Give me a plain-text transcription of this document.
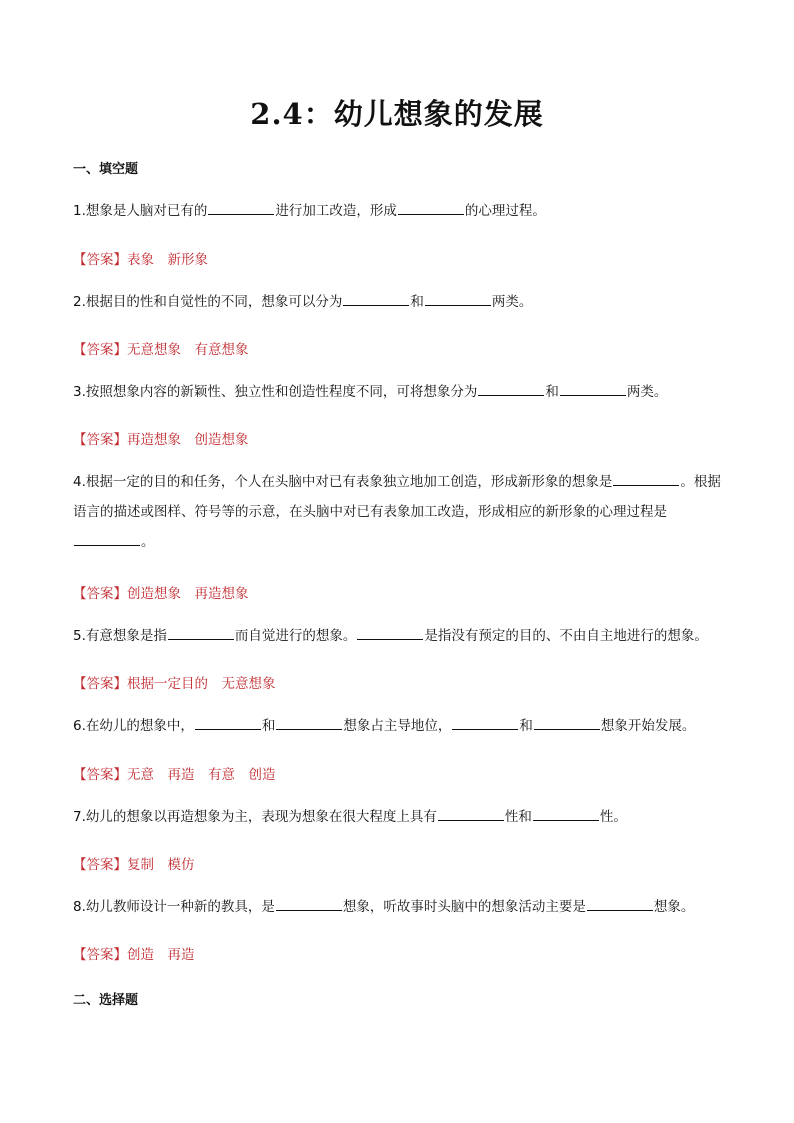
2.4：幼儿想象的发展
一、填空题
1.想象是人脑对已有的	进行加工改造，形成	的心理过程。
【答案】表象　新形象
2.根据目的性和自觉性的不同，想象可以分为	和	两类。
【答案】无意想象　有意想象
3.按照想象内容的新颖性、独立性和创造性程度不同，可将想象分为	和	两类。
【答案】再造想象　创造想象
4.根据一定的目的和任务，个人在头脑中对已有表象独立地加工创造，形成新形象的想象是	。根据语言的描述或图样、符号等的示意，在头脑中对已有表象加工改造，形成相应的新形象的心理过程是。
【答案】创造想象　再造想象
5.有意想象是指	而自觉进行的想象。	是指没有预定的目的、不由自主地进行的想象。
【答案】根据一定目的　无意想象
6.在幼儿的想象中，	和	想象占主导地位，	和	想象开始发展。
【答案】无意　再造　有意　创造
7.幼儿的想象以再造想象为主，表现为想象在很大程度上具有	性和	性。
【答案】复制　模仿
8.幼儿教师设计一种新的教具，是	想象，听故事时头脑中的想象活动主要是	想象。
【答案】创造　再造
二、选择题
